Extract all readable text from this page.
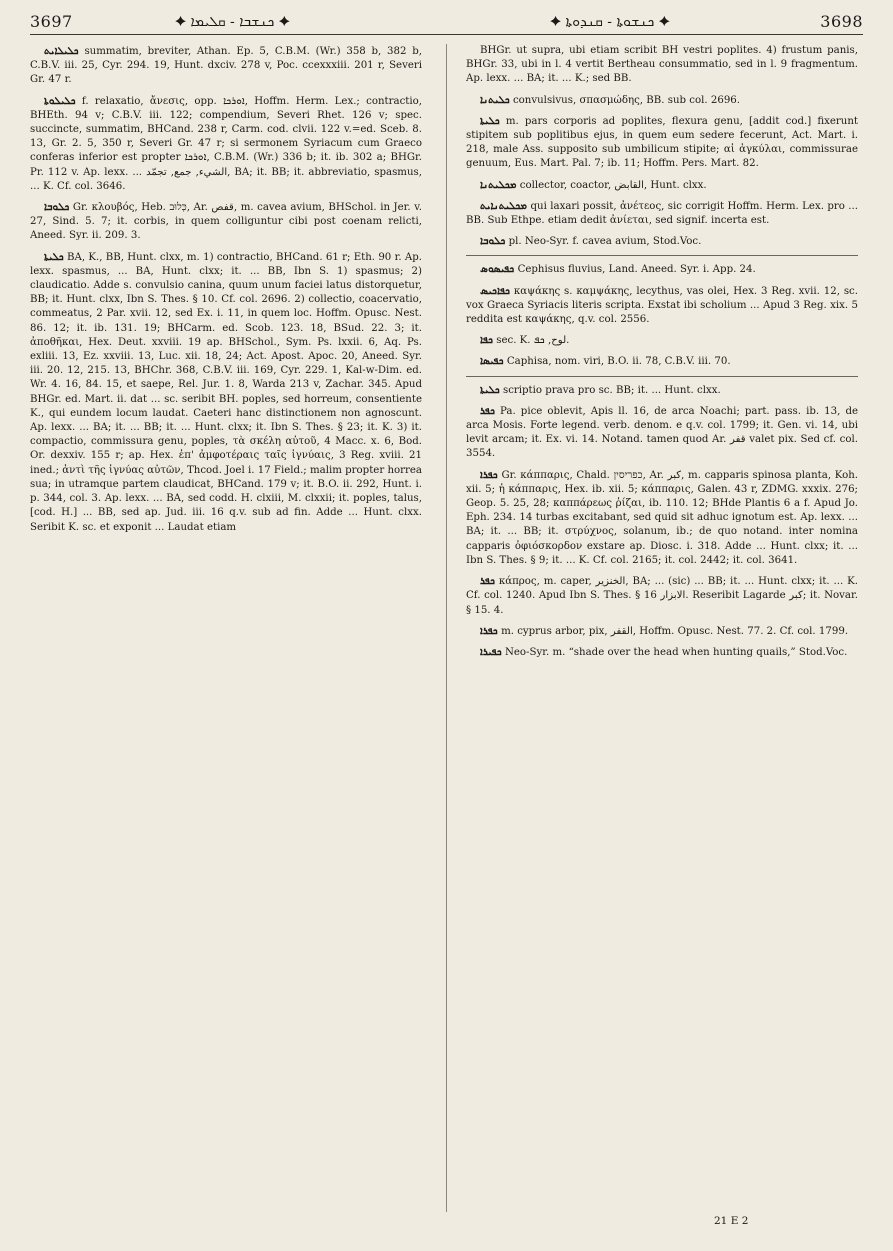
3697	✦ ܟܢܫܒܐ - ܩܠܝܡܐ ✦	✦ ܟܢܫܘܬܐ - ܩܢܕܘܬܐ ✦	3698

ܟܠܝܠܐܝܬ summatim, breviter, Athan. Ep. 5, C.B.M. (Wr.) 358 b, 382 b, C.B.V. iii. 25, Cyr. 294. 19, Hunt. dxciv. 278 v, Poc. ccexxxiii. 201 r, Severi Gr. 47 r.

ܟܠܝܠܘܬܐ f. relaxatio, ἄνεσις, opp. ܐܘܪܟܐ, Hoffm. Herm. Lex.; contractio, BHEth. 94 v; C.B.V. iii. 122; compendium, Severi Rhet. 126 v; spec. succincte, summatim, BHCand. 238 r, Carm. cod. clvii. 122 v.=ed. Sceb. 8. 13, Gr. 2. 5, 350 r, Severi Gr. 47 r; si sermonem Syriacum cum Graeco conferas inferior est propter ܐܘܪܟܐ, C.B.M. (Wr.) 336 b; it. ib. 302 a; BHGr. Pr. 112 v. Ap. lexx. ... الشيء, جمع, تجمّد, BA; it. BB; it. abbreviatio, spasmus, ... K. Cf. col. 3646.

ܟܠܘܒܐ Gr. κλουβός, Heb. כְּלוּב, Ar. قفص, m. cavea avium, BHSchol. in Jer. v. 27, Sind. 5. 7; it. corbis, in quem colliguntur cibi post coenam relicti, Aneed. Syr. ii. 209. 3.

ܟܠܝܬܐ BA, K., BB, Hunt. clxx, m. 1) contractio, BHCand. 61 r; Eth. 90 r. Ap. lexx. spasmus, ... BA, Hunt. clxx; it. ... BB, Ibn S. 1) spasmus; 2) claudicatio. Adde s. convulsio canina, quum unum faciei latus distorquetur, BB; it. Hunt. clxx, Ibn S. Thes. § 10. Cf. col. 2696. 2) collectio, coacervatio, commeatus, 2 Par. xvii. 12, sed Ex. i. 11, in quem loc. Hoffm. Opusc. Nest. 86. 12; it. ib. 131. 19; BHCarm. ed. Scob. 123. 18, BSud. 22. 3; it. ἀποθῆκαι, Hex. Deut. xxviii. 19 ap. BHSchol., Sym. Ps. lxxii. 6, Aq. Ps. exliii. 13, Ez. xxviii. 13, Luc. xii. 18, 24; Act. Apost. Apoc. 20, Aneed. Syr. iii. 20. 12, 215. 13, BHChr. 368, C.B.V. iii. 169, Cyr. 229. 1, Kal-w-Dim. ed. Wr. 4. 16, 84. 15, et saepe, Rel. Jur. 1. 8, Warda 213 v, Zachar. 345. Apud BHGr. ed. Mart. ii. dat ... sc. seribit BH. poples, sed horreum, consentiente K., qui eundem locum laudat. Caeteri hanc distinctionem non agnoscunt. Ap. lexx. ... BA; it. ... BB; it. ... Hunt. clxx; it. Ibn S. Thes. § 23; it. K. 3) it. compactio, commissura genu, poples, τὰ σκέλη αὐτοῦ, 4 Macc. x. 6, Bod. Or. dexxiv. 155 r; ap. Hex. ἐπ' ἀμφοτέραις ταῖς ἰγνύαις, 3 Reg. xviii. 21 ined.; ἀντὶ τῆς ἰγνύας αὐτῶν, Thcod. Joel i. 17 Field.; malim propter horrea sua; in utramque partem claudicat, BHCand. 179 v; it. B.O. ii. 292, Hunt. i. p. 344, col. 3. Ap. lexx. ... BA, sed codd. H. clxiii, M. clxxii; it. poples, talus, [cod. H.] ... BB, sed ap. Jud. iii. 16 q.v. sub ad fin. Adde ... Hunt. clxx. Seribit K. sc. et exponit ... Laudat etiam

BHGr. ut supra, ubi etiam scribit BH vestri poplites. 4) frustum panis, BHGr. 33, ubi in l. 4 vertit Bertheau consummatio, sed in l. 9 fragmentum. Ap. lexx. ... BA; it. ... K.; sed BB.

ܟܠܝܬܢܐ convulsivus, σπασμώδης, BB. sub col. 2696.

ܟܠܝܬܐ m. pars corporis ad poplites, flexura genu, [addit cod.] fixerunt stipitem sub poplitibus ejus, in quem eum sedere fecerunt, Act. Mart. i. 218, male Ass. supposito sub umbilicum stipite; αἱ ἀγκύλαι, commissurae genuum, Eus. Mart. Pal. 7; ib. 11; Hoffm. Pers. Mart. 82.

ܡܟܠܝܬܢܐ collector, coactor, القابض, Hunt. clxx.

ܡܟܠܝܬܢܐܝܬ qui laxari possit, ἀνέτεος, sic corrigit Hoffm. Herm. Lex. pro ... BB. Sub Ethpe. etiam dedit ἀνίεται, sed signif. incerta est.

ܟܠܘܒܐ pl. Neo-Syr. f. cavea avium, Stod.Voc.

ܟܦܝܣܘܣ Cephisus fluvius, Land. Aneed. Syr. i. App. 24.

ܟܦܐܟܝܣ καψάκης s. καμψάκης, lecythus, vas olei, Hex. 3 Reg. xvii. 12, sc. vox Graeca Syriacis literis scripta. Exstat ibi scholium ... Apud 3 Reg. xix. 5 reddita est καψάκης, q.v. col. 2556.

ܟܦܐ sec. K. لوح, ܟܦ.

ܟܦܝܣܐ Caphisa, nom. viri, B.O. ii. 78, C.B.V. iii. 70.

ܟܠܝܬܐ scriptio prava pro sc. BB; it. ... Hunt. clxx.

ܟܦܪ Pa. pice oblevit, Apis ll. 16, de arca Noachi; part. pass. ib. 13, de arca Mosis. Forte legend. verb. denom. e q.v. col. 1799; it. Gen. vi. 14, ubi levit arcam; it. Ex. vi. 14. Notand. tamen quod Ar. قفر valet pix. Sed cf. col. 3554.

ܟܦܪܐ Gr. κάππαρις, Chald. כפריסין, Ar. كبر, m. capparis spinosa planta, Koh. xii. 5; ἡ κάππαρις, Hex. ib. xii. 5; κάππαρις, Galen. 43 r, ZDMG. xxxix. 276; Geop. 5. 25, 28; καππάρεως ῥίζαι, ib. 110. 12; BHde Plantis 6 a f. Apud Jo. Eph. 234. 14 turbas excitabant, sed quid sit adhuc ignotum est. Ap. lexx. ... BA; it. ... BB; it. στρύχνος, solanum, ib.; de quo notand. inter nomina capparis ὀφιόσκορδον exstare ap. Diosc. i. 318. Adde ... Hunt. clxx; it. ... Ibn S. Thes. § 9; it. ... K. Cf. col. 2165; it. col. 2442; it. col. 3641.

ܟܦܪ κάπρος, m. caper, الخنزير, BA; ... (sic) ... BB; it. ... Hunt. clxx; it. ... K. Cf. col. 1240. Apud Ibn S. Thes. § 16 الابزار. Reseribit Lagarde كبر; it. Novar. § 15. 4.

ܟܦܪܐ m. cyprus arbor, pix, القفر, Hoffm. Opusc. Nest. 77. 2. Cf. col. 1799.

ܟܦܝܪܐ Neo-Syr. m. “shade over the head when hunting quails,” Stod.Voc.

21 E 2
